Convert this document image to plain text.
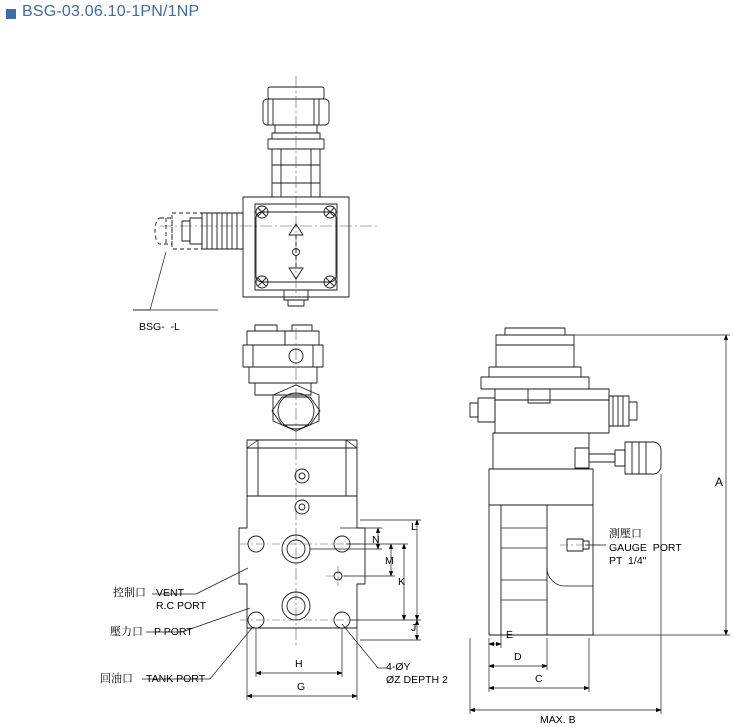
BSG-03.06.10-1PN/1NP
BSG-  -L
控制口 VENT
R.C PORT
壓力口 P PORT
回油口 TANK PORT
4-ØY
ØZ DEPTH 2
測壓口
GAUGE  PORT
PT  1/4"
A
MAX. B
C
D
E
G
H
J
K
L
M
N
